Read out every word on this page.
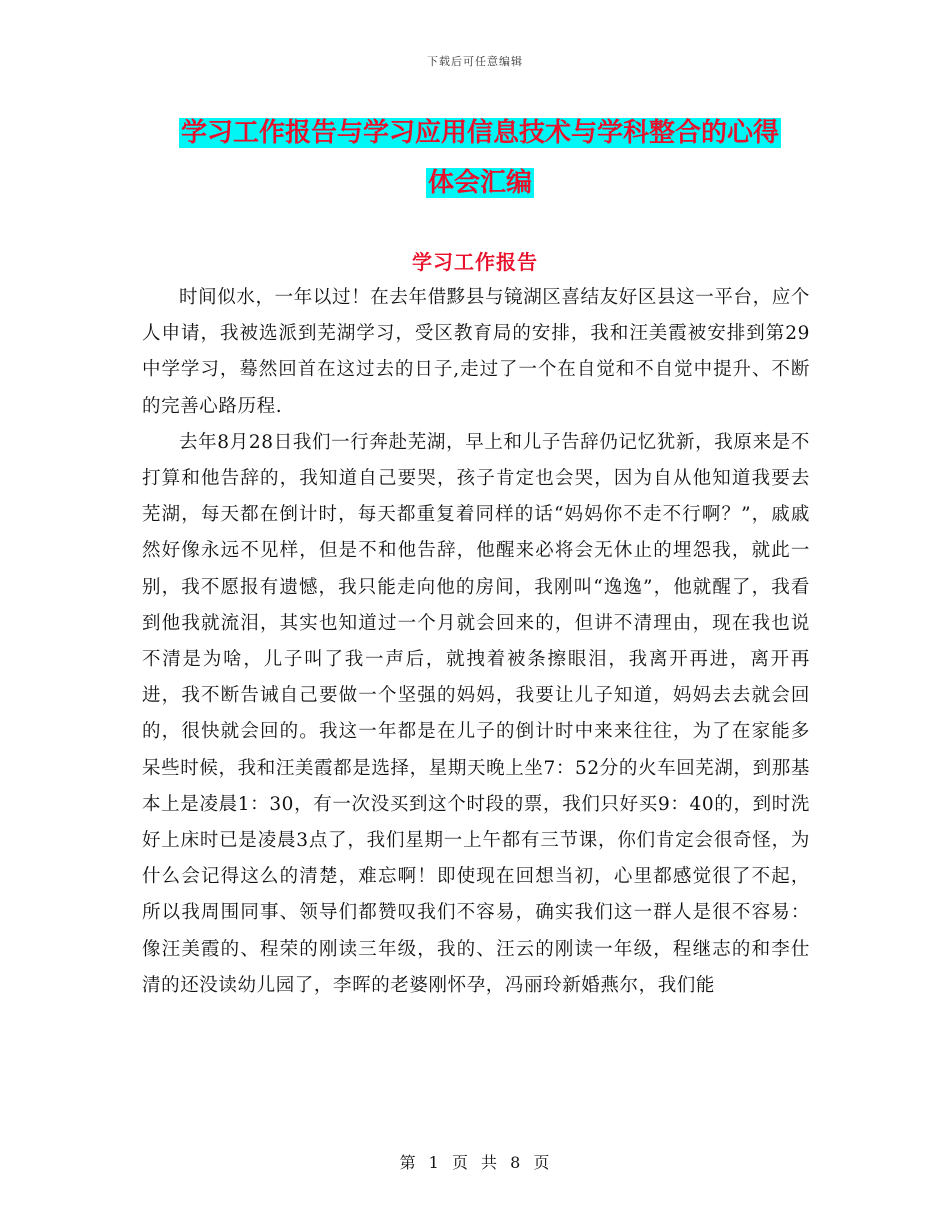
下载后可任意编辑
学习工作报告与学习应用信息技术与学科整合的心得
体会汇编
学习工作报告

时间似水，一年以过！在去年借黟县与镜湖区喜结友好区县这一平台，应个人申请，我被选派到芜湖学习，受区教育局的安排，我和汪美霞被安排到第29中学学习，蓦然回首在这过去的日子,走过了一个在自觉和不自觉中提升、不断的完善心路历程.

去年8月28日我们一行奔赴芜湖，早上和儿子告辞仍记忆犹新，我原来是不打算和他告辞的，我知道自己要哭，孩子肯定也会哭，因为自从他知道我要去芜湖，每天都在倒计时，每天都重复着同样的话“妈妈你不走不行啊？”，戚戚然好像永远不见样，但是不和他告辞，他醒来必将会无休止的埋怨我，就此一别，我不愿报有遗憾，我只能走向他的房间，我刚叫“逸逸”，他就醒了，我看到他我就流泪，其实也知道过一个月就会回来的，但讲不清理由，现在我也说不清是为啥，儿子叫了我一声后，就拽着被条擦眼泪，我离开再进，离开再进，我不断告诫自己要做一个坚强的妈妈，我要让儿子知道，妈妈去去就会回的，很快就会回的。我这一年都是在儿子的倒计时中来来往往，为了在家能多呆些时候，我和汪美霞都是选择，星期天晚上坐7：52分的火车回芜湖，到那基本上是凌晨1：30，有一次没买到这个时段的票，我们只好买9：40的，到时洗好上床时已是凌晨3点了，我们星期一上午都有三节课，你们肯定会很奇怪，为什么会记得这么的清楚，难忘啊！即使现在回想当初，心里都感觉很了不起，所以我周围同事、领导们都赞叹我们不容易，确实我们这一群人是很不容易：像汪美霞的、程荣的刚读三年级，我的、汪云的刚读一年级，程继志的和李仕清的还没读幼儿园了，李晖的老婆刚怀孕，冯丽玲新婚燕尔，我们能

第 1 页 共 8 页
